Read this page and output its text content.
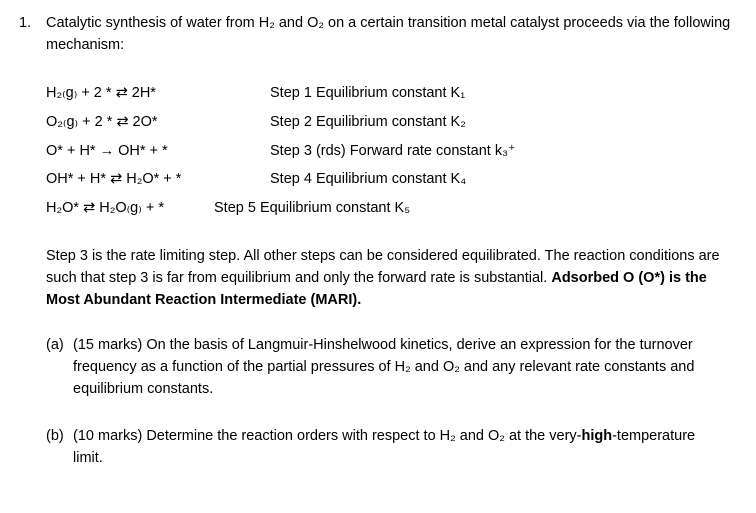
1. Catalytic synthesis of water from H₂ and O₂ on a certain transition metal catalyst proceeds via the following mechanism:
H₂₍g₎ + 2 * ⇄ 2H*	Step 1 Equilibrium constant K₁
O₂₍g₎ + 2 * ⇄ 2O*	Step 2 Equilibrium constant K₂
O* + H* → OH* + *	Step 3 (rds) Forward rate constant k₃⁺
OH* + H* ⇄ H₂O* + *	Step 4 Equilibrium constant K₄
H₂O* ⇄ H₂O₍g₎ + *	Step 5 Equilibrium constant K₅
Step 3 is the rate limiting step. All other steps can be considered equilibrated. The reaction conditions are such that step 3 is far from equilibrium and only the forward rate is substantial. Adsorbed O (O*) is the Most Abundant Reaction Intermediate (MARI).
(a) (15 marks) On the basis of Langmuir-Hinshelwood kinetics, derive an expression for the turnover frequency as a function of the partial pressures of H₂ and O₂ and any relevant rate constants and equilibrium constants.
(b) (10 marks) Determine the reaction orders with respect to H₂ and O₂ at the very-high-temperature limit.
